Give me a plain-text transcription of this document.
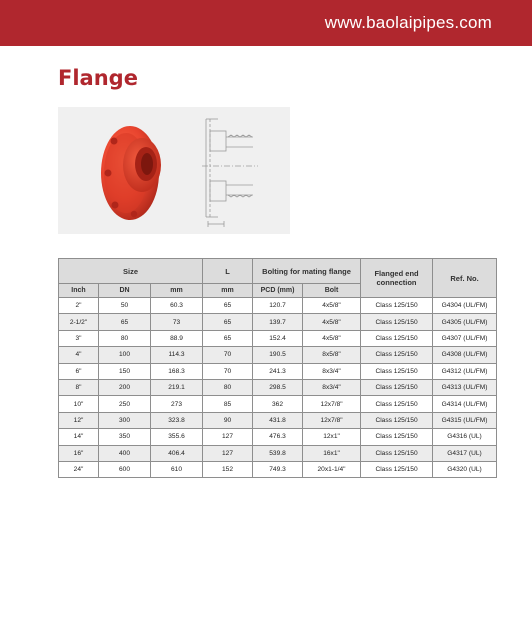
www.baolaipipes.com
Flange
Size			L	Bolting for mating flange		Flanged end connection	Ref. No.
Inch	DN	mm	mm	PCD (mm)	Bolt		
2"	50	60.3	65	120.7	4x5/8"	Class 125/150	G4304 (UL/FM)
2-1/2"	65	73	65	139.7	4x5/8"	Class 125/150	G4305 (UL/FM)
3"	80	88.9	65	152.4	4x5/8"	Class 125/150	G4307 (UL/FM)
4"	100	114.3	70	190.5	8x5/8"	Class 125/150	G4308 (UL/FM)
6"	150	168.3	70	241.3	8x3/4"	Class 125/150	G4312 (UL/FM)
8"	200	219.1	80	298.5	8x3/4"	Class 125/150	G4313 (UL/FM)
10"	250	273	85	362	12x7/8"	Class 125/150	G4314 (UL/FM)
12"	300	323.8	90	431.8	12x7/8"	Class 125/150	G4315 (UL/FM)
14"	350	355.6	127	476.3	12x1"	Class 125/150	G4316 (UL)
16"	400	406.4	127	539.8	16x1"	Class 125/150	G4317 (UL)
24"	600	610	152	749.3	20x1-1/4"	Class 125/150	G4320 (UL)
